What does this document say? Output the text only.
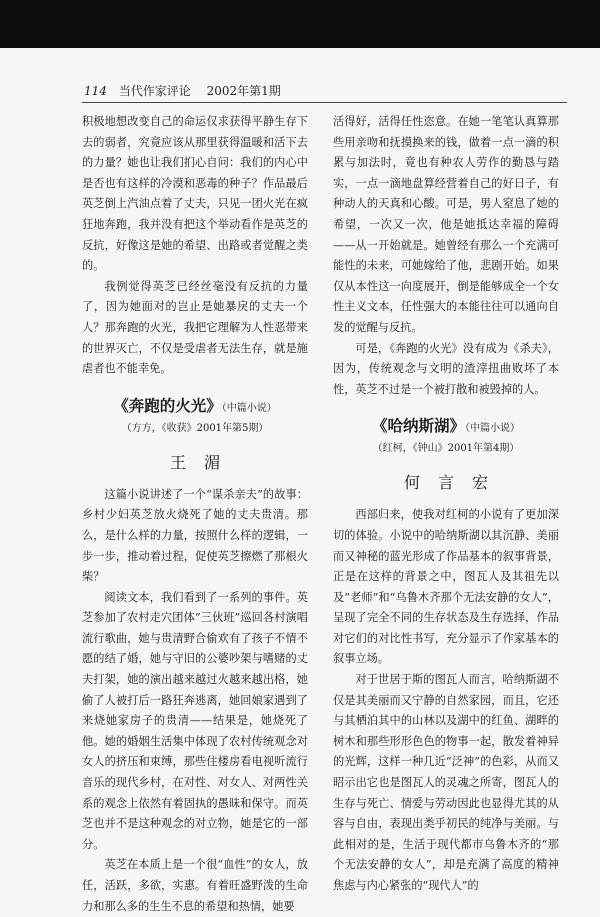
114 当代作家评论 2002年第1期

积极地想改变自己的命运仅求获得平静生存下去的弱者，究竟应该从那里获得温暖和活下去的力量？她也让我们扪心自问：我们的内心中是否也有这样的冷漠和恶毒的种子？作品最后英芝倒上汽油点着了丈夫，只见一团火光在疯狂地奔跑，我并没有把这个举动看作是英芝的反抗，好像这是她的希望、出路或者觉醒之类的。

我例觉得英芝已经丝毫没有反抗的力量了，因为她面对的岂止是她暴戾的丈夫一个人？那奔跑的火光，我把它理解为人性恶带来的世界灭亡，不仅是受虐者无法生存，就是施虐者也不能幸免。

《奔跑的火光》（中篇小说）
（方方，《收获》2001年第5期）
王湄

这篇小说讲述了一个“谋杀亲夫”的故事：乡村少妇英芝放火烧死了她的丈夫贵清。那么，是什么样的力量，按照什么样的逻辑，一步一步，推动着过程，促使英芝擦燃了那根火柴？

阅读文本，我们看到了一系列的事件。英芝参加了农村走穴团体“三伙班”巡回各村演唱流行歌曲，她与贵清野合偷欢有了孩子不情不愿的结了婚，她与守旧的公婆吵架与嗜赌的丈夫打架，她的演出越来越过火越来越出格，她偷了人被打后一路狂奔逃离，她回娘家遇到了来烧她家房子的贵清——结果是，她烧死了他。她的婚姻生活集中体现了农村传统观念对女人的挤压和束缚，那些住楼房看电视听流行音乐的现代乡村，在对性、对女人、对两性关系的观念上依然有着固执的愚昧和保守。而英芝也并不是这种观念的对立物，她是它的一部分。

英芝在本质上是一个很“血性”的女人，放任，活跃，多欲，实惠。有着旺盛野泼的生命力和那么多的生生不息的希望和热情，她要

活得好，活得任性恣意。在她一笔笔认真算那些用亲吻和抚摸换来的钱，做着一点一滴的积累与加法时，竟也有种农人劳作的勤恳与踏实，一点一滴地盘算经营着自己的好日子，有种动人的天真和心酸。可是，男人窒息了她的希望，一次又一次，他是她抵达幸福的障碍——从一开始就是。她曾经有那么一个充满可能性的未来，可她嫁给了他，悲剧开始。如果仅从本性这一向度展开，倒是能够成全一个女性主义文本，任性强大的本能往往可以通向自发的觉醒与反抗。

可是，《奔跑的火光》没有成为《杀夫》，因为，传统观念与文明的渣滓扭曲败坏了本性，英芝不过是一个被打散和被毁掉的人。

《哈纳斯湖》（中篇小说）
（红柯，《钟山》2001年第4期）
何言宏

西部归来，使我对红柯的小说有了更加深切的体验。小说中的哈纳斯湖以其沉静、美丽而又神秘的蓝光形成了作品基本的叙事背景，正是在这样的背景之中，图瓦人及其祖先以及“老师”和“乌鲁木齐那个无法安静的女人”，呈现了完全不同的生存状态及生存选择，作品对它们的对比性书写，充分显示了作家基本的叙事立场。

对于世居于斯的图瓦人而言，哈纳斯湖不仅是其美丽而又宁静的自然家园，而且，它还与其栖泊其中的山林以及湖中的红鱼、湖畔的树木和那些形形色色的物事一起，散发着神异的光辉，这样一种几近“泛神”的色彩，从而又昭示出它也是图瓦人的灵魂之所寄，图瓦人的生存与死亡、情爱与劳动因此也显得尤其的从容与自由，表现出类乎初民的纯净与美丽。与此相对的是，生活于现代都市乌鲁木齐的“那个无法安静的女人”，却是充满了高度的精神焦虑与内心紧张的“现代人”的
